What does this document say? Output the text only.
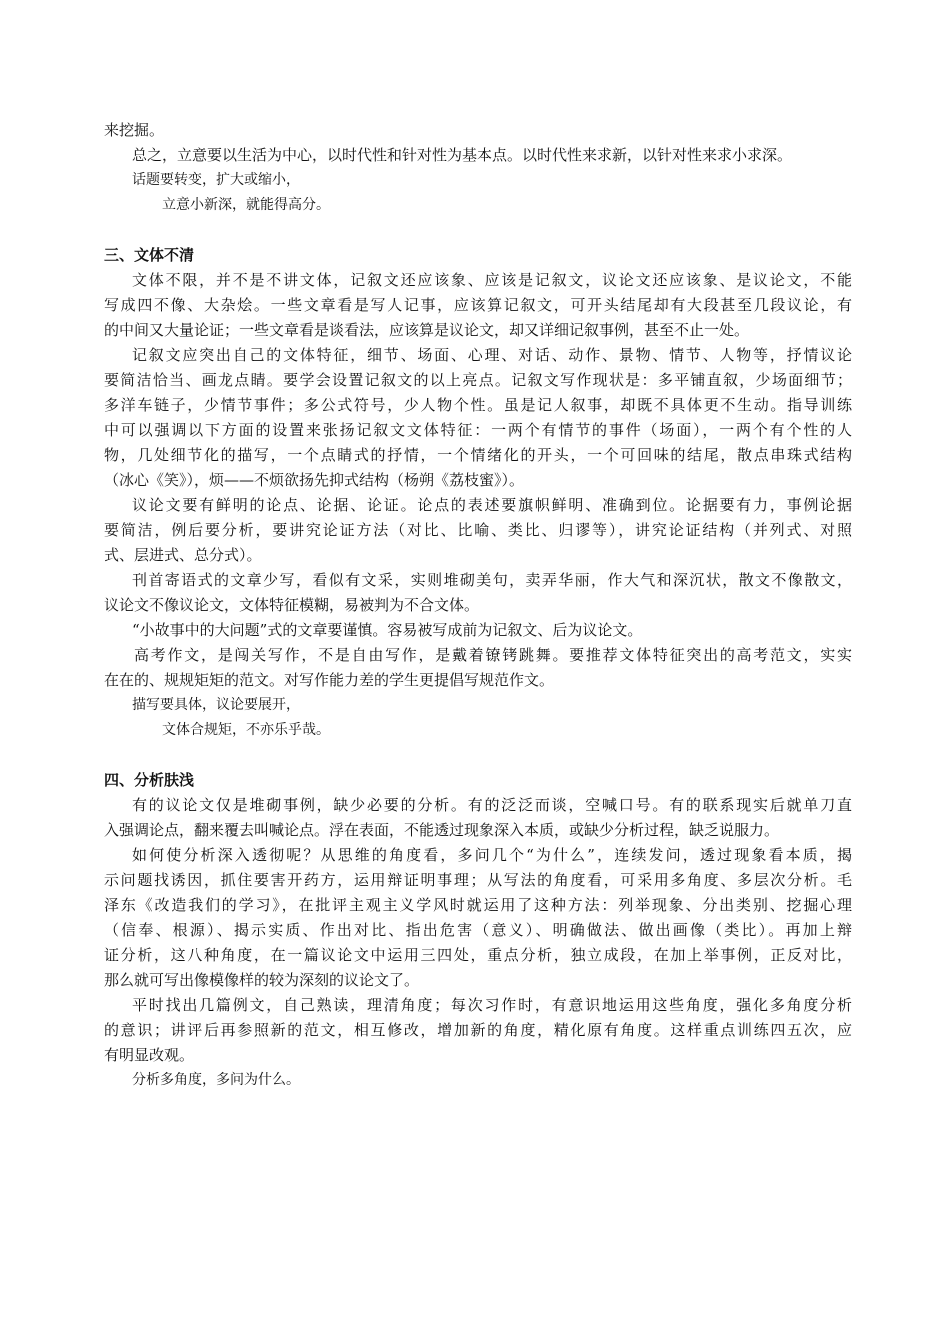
来挖掘。
总之，立意要以生活为中心，以时代性和针对性为基本点。以时代性来求新，以针对性来求小求深。
话题要转变，扩大或缩小，
立意小新深，就能得高分。
三、文体不清
文体不限，并不是不讲文体，记叙文还应该象、应该是记叙文，议论文还应该象、是议论文，不能
写成四不像、大杂烩。一些文章看是写人记事，应该算记叙文，可开头结尾却有大段甚至几段议论，有
的中间又大量论证；一些文章看是谈看法，应该算是议论文，却又详细记叙事例，甚至不止一处。
记叙文应突出自己的文体特征，细节、场面、心理、对话、动作、景物、情节、人物等，抒情议论
要简洁恰当、画龙点睛。要学会设置记叙文的以上亮点。记叙文写作现状是：多平铺直叙，少场面细节；
多洋车链子，少情节事件；多公式符号，少人物个性。虽是记人叙事，却既不具体更不生动。指导训练
中可以强调以下方面的设置来张扬记叙文文体特征：一两个有情节的事件（场面），一两个有个性的人
物，几处细节化的描写，一个点睛式的抒情，一个情绪化的开头，一个可回味的结尾，散点串珠式结构
（冰心《笑》），烦——不烦欲扬先抑式结构（杨朔《荔枝蜜》）。
议论文要有鲜明的论点、论据、论证。论点的表述要旗帜鲜明、准确到位。论据要有力，事例论据
要简洁，例后要分析，要讲究论证方法（对比、比喻、类比、归谬等），讲究论证结构（并列式、对照
式、层进式、总分式）。
刊首寄语式的文章少写，看似有文采，实则堆砌美句，卖弄华丽，作大气和深沉状，散文不像散文，
议论文不像议论文，文体特征模糊，易被判为不合文体。
“小故事中的大问题”式的文章要谨慎。容易被写成前为记叙文、后为议论文。
高考作文，是闯关写作，不是自由写作，是戴着镣铐跳舞。要推荐文体特征突出的高考范文，实实
在在的、规规矩矩的范文。对写作能力差的学生更提倡写规范作文。
描写要具体，议论要展开，
文体合规矩，不亦乐乎哉。
四、分析肤浅
有的议论文仅是堆砌事例，缺少必要的分析。有的泛泛而谈，空喊口号。有的联系现实后就单刀直
入强调论点，翻来覆去叫喊论点。浮在表面，不能透过现象深入本质，或缺少分析过程，缺乏说服力。
如何使分析深入透彻呢？从思维的角度看，多问几个“为什么”，连续发问，透过现象看本质，揭
示问题找诱因，抓住要害开药方，运用辩证明事理；从写法的角度看，可采用多角度、多层次分析。毛
泽东《改造我们的学习》，在批评主观主义学风时就运用了这种方法：列举现象、分出类别、挖掘心理
（信奉、根源）、揭示实质、作出对比、指出危害（意义）、明确做法、做出画像（类比）。再加上辩
证分析，这八种角度，在一篇议论文中运用三四处，重点分析，独立成段，在加上举事例，正反对比，
那么就可写出像模像样的较为深刻的议论文了。
平时找出几篇例文，自己熟读，理清角度；每次习作时，有意识地运用这些角度，强化多角度分析
的意识；讲评后再参照新的范文，相互修改，增加新的角度，精化原有角度。这样重点训练四五次，应
有明显改观。
分析多角度，多问为什么。
